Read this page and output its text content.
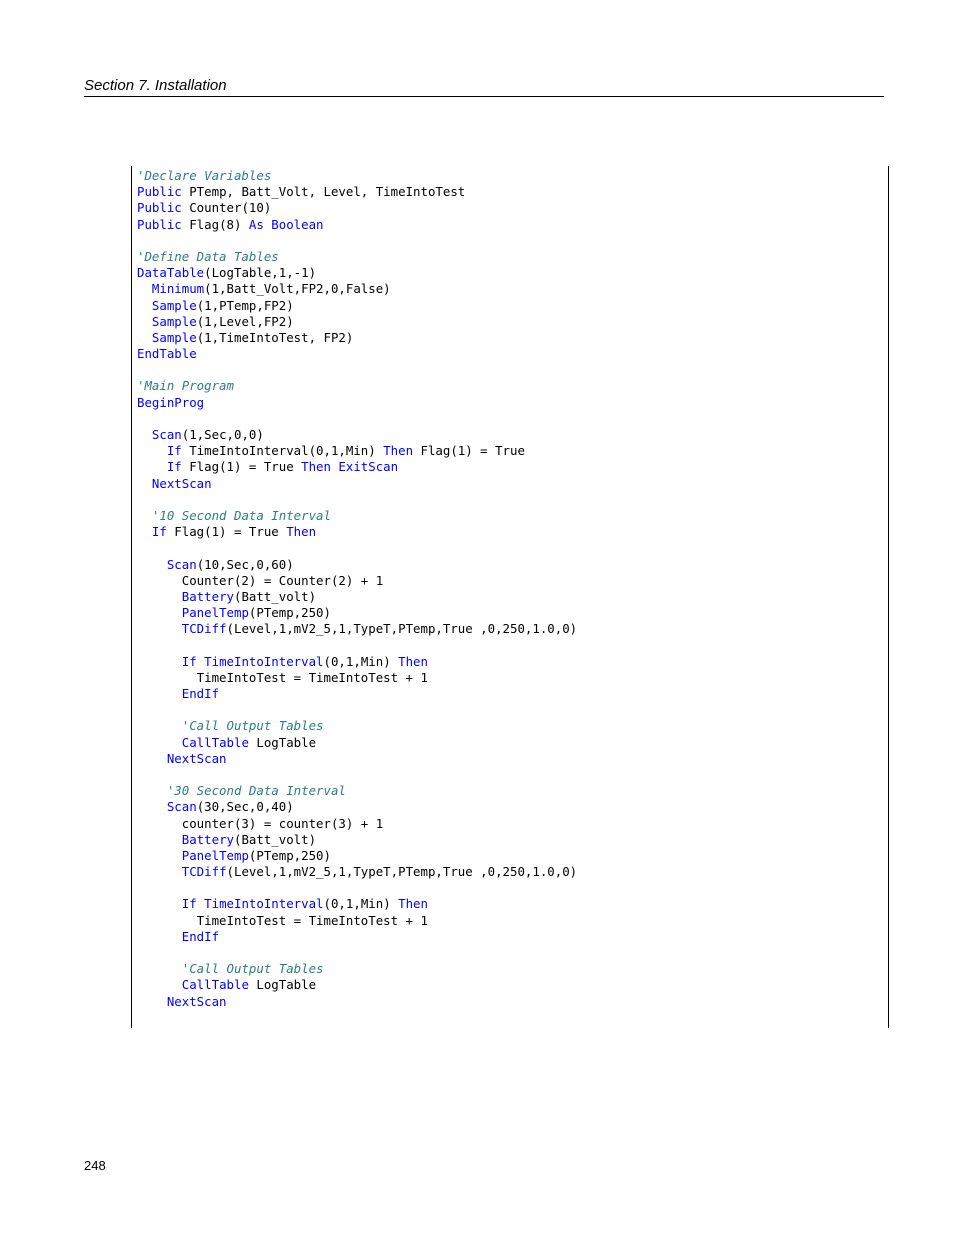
Section 7. Installation
'Declare Variables
Public PTemp, Batt_Volt, Level, TimeIntoTest
Public Counter(10)
Public Flag(8) As Boolean

'Define Data Tables
DataTable(LogTable,1,-1)
Minimum(1,Batt_Volt,FP2,0,False)
Sample(1,PTemp,FP2)
Sample(1,Level,FP2)
Sample(1,TimeIntoTest, FP2)
EndTable

'Main Program
BeginProg

Scan(1,Sec,0,0)
If TimeIntoInterval(0,1,Min) Then Flag(1) = True
If Flag(1) = True Then ExitScan
NextScan

'10 Second Data Interval
If Flag(1) = True Then

Scan(10,Sec,0,60)
Counter(2) = Counter(2) + 1
Battery(Batt_volt)
PanelTemp(PTemp,250)
TCDiff(Level,1,mV2_5,1,TypeT,PTemp,True ,0,250,1.0,0)

If TimeIntoInterval(0,1,Min) Then
TimeIntoTest = TimeIntoTest + 1
EndIf

'Call Output Tables
CallTable LogTable
NextScan

'30 Second Data Interval
Scan(30,Sec,0,40)
counter(3) = counter(3) + 1
Battery(Batt_volt)
PanelTemp(PTemp,250)
TCDiff(Level,1,mV2_5,1,TypeT,PTemp,True ,0,250,1.0,0)

If TimeIntoInterval(0,1,Min) Then
TimeIntoTest = TimeIntoTest + 1
EndIf

'Call Output Tables
CallTable LogTable
NextScan
248
